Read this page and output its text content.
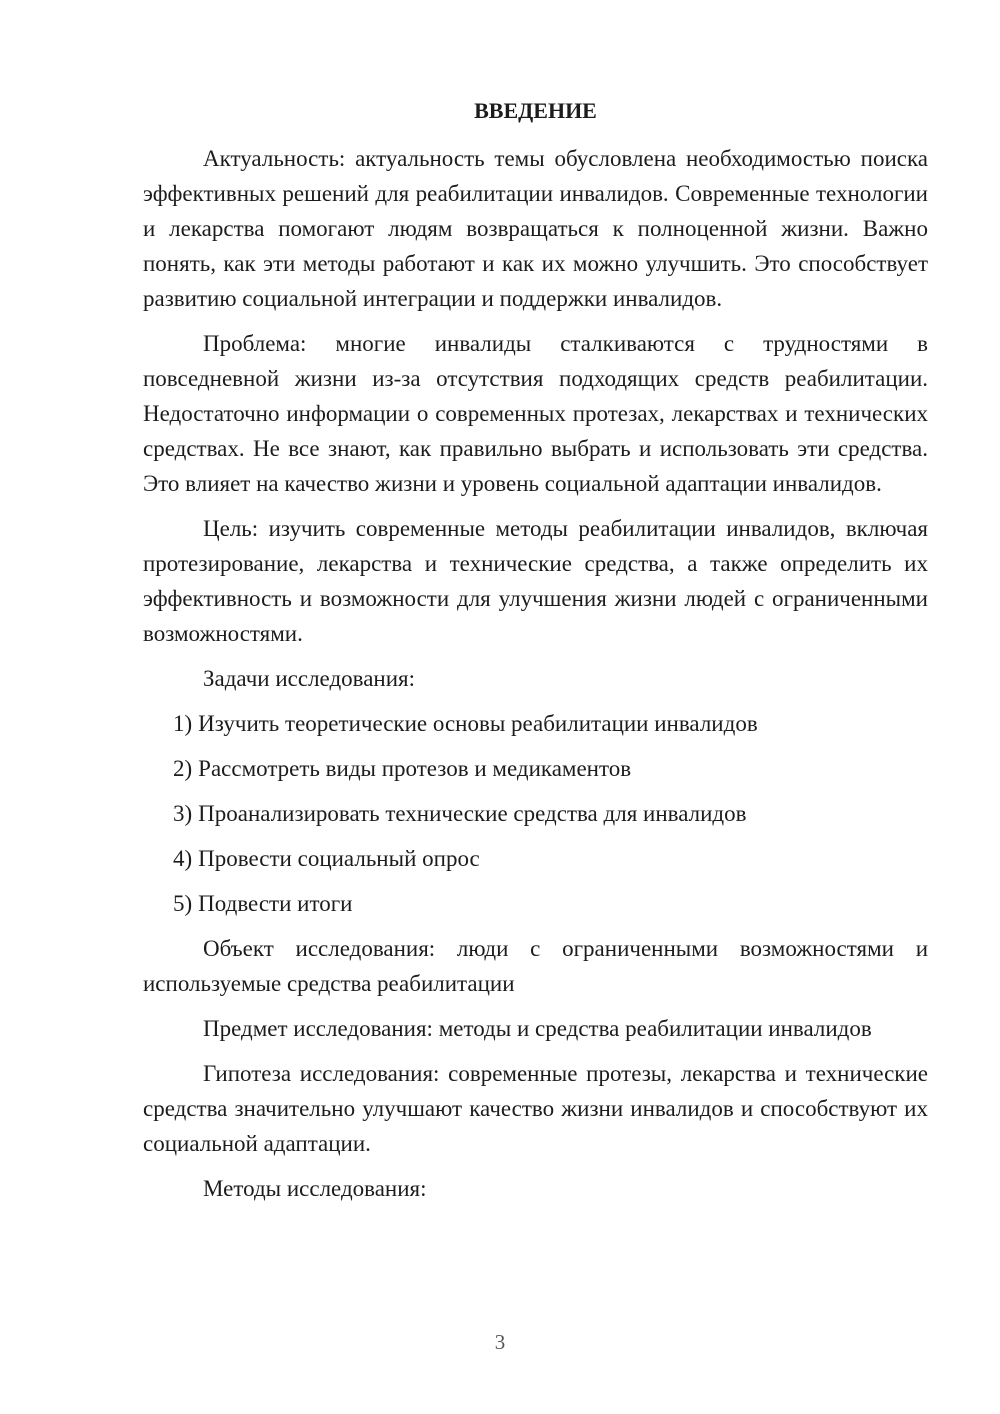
ВВЕДЕНИЕ

Актуальность: актуальность темы обусловлена необходимостью поиска эффективных решений для реабилитации инвалидов. Современные технологии и лекарства помогают людям возвращаться к полноценной жизни. Важно понять, как эти методы работают и как их можно улучшить. Это способствует развитию социальной интеграции и поддержки инвалидов.

Проблема: многие инвалиды сталкиваются с трудностями в повседневной жизни из-за отсутствия подходящих средств реабилитации. Недостаточно информации о современных протезах, лекарствах и технических средствах. Не все знают, как правильно выбрать и использовать эти средства. Это влияет на качество жизни и уровень социальной адаптации инвалидов.

Цель: изучить современные методы реабилитации инвалидов, включая протезирование, лекарства и технические средства, а также определить их эффективность и возможности для улучшения жизни людей с ограниченными возможностями.

Задачи исследования:

1) Изучить теоретические основы реабилитации инвалидов
2) Рассмотреть виды протезов и медикаментов
3) Проанализировать технические средства для инвалидов
4) Провести социальный опрос
5) Подвести итоги

Объект исследования: люди с ограниченными возможностями и используемые средства реабилитации

Предмет исследования: методы и средства реабилитации инвалидов

Гипотеза исследования: современные протезы, лекарства и технические средства значительно улучшают качество жизни инвалидов и способствуют их социальной адаптации.

Методы исследования:

3
